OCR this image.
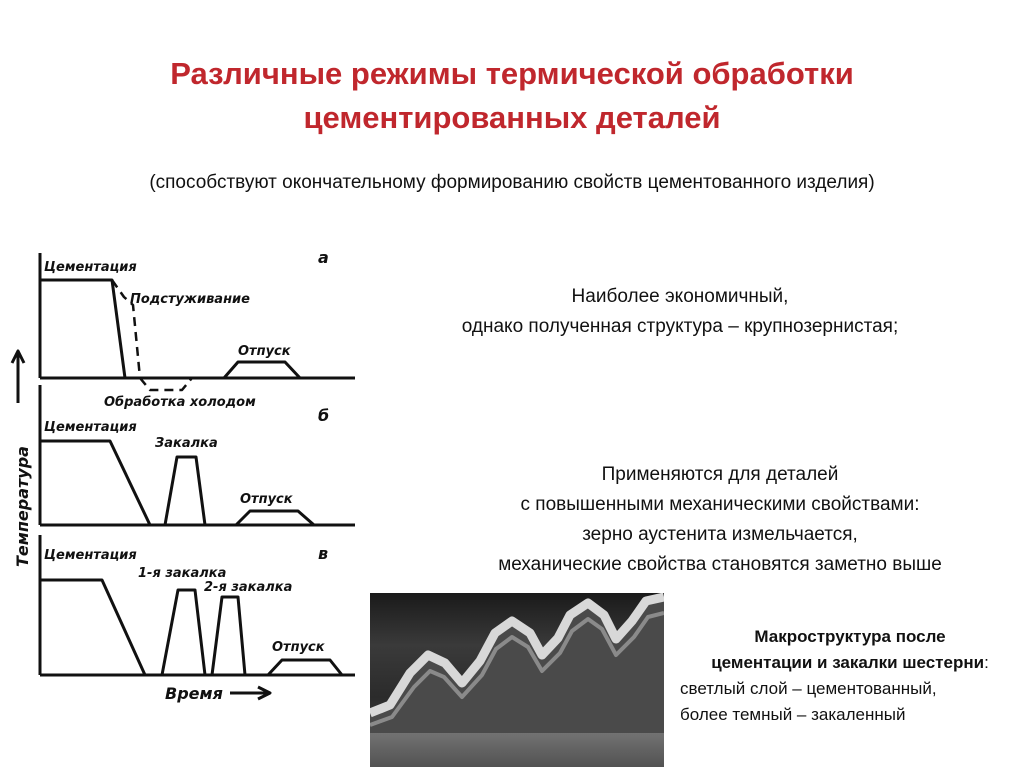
Различные режимы термической обработки
цементированных деталей
(способствуют окончательному формированию свойств цементованного изделия)
Температура
Время
а
Цементация
Подстуживание
Отпуск
Обработка холодом
б
Цементация
Закалка
Отпуск
в
Цементация
1-я закалка
2-я закалка
Отпуск
Наиболее экономичный,
однако полученная структура – крупнозернистая;
Применяются для деталей
с повышенными механическими свойствами:
зерно аустенита измельчается,
механические свойства становятся заметно выше
Макроструктура после
цементации и закалки шестерни:
светлый слой – цементованный,
более темный – закаленный
